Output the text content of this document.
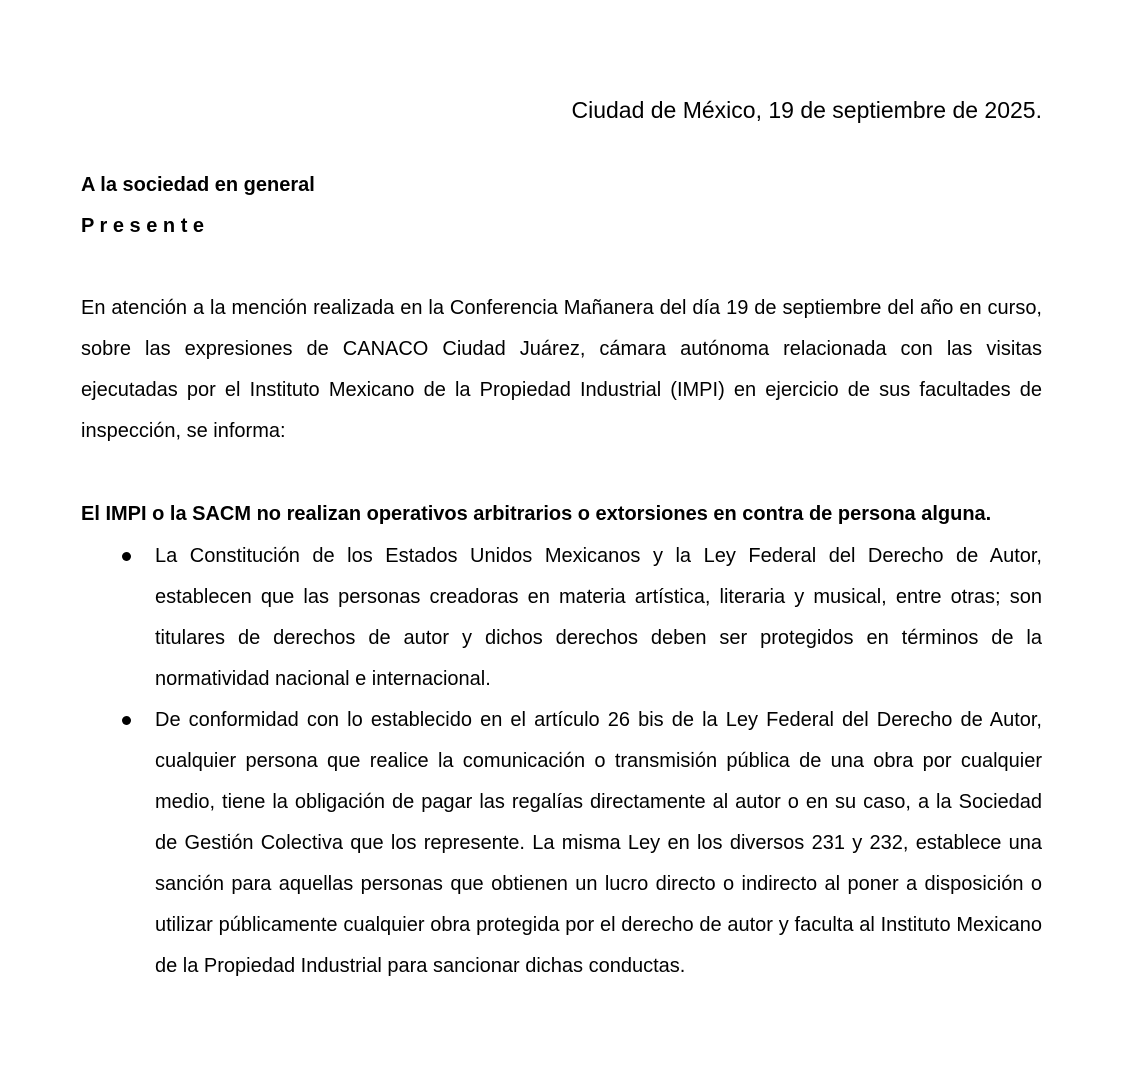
Ciudad de México, 19 de septiembre de 2025.
A la sociedad en general
P r e s e n t e

En atención a la mención realizada en la Conferencia Mañanera del día 19 de septiembre del año en curso, sobre las expresiones de CANACO Ciudad Juárez, cámara autónoma relacionada con las visitas ejecutadas por el Instituto Mexicano de la Propiedad Industrial (IMPI) en ejercicio de sus facultades de inspección, se informa:

El IMPI o la SACM no realizan operativos arbitrarios o extorsiones en contra de persona alguna.

La Constitución de los Estados Unidos Mexicanos y la Ley Federal del Derecho de Autor, establecen que las personas creadoras en materia artística, literaria y musical, entre otras; son titulares de derechos de autor y dichos derechos deben ser protegidos en términos de la normatividad nacional e internacional.
De conformidad con lo establecido en el artículo 26 bis de la Ley Federal del Derecho de Autor, cualquier persona que realice la comunicación o transmisión pública de una obra por cualquier medio, tiene la obligación de pagar las regalías directamente al autor o en su caso, a la Sociedad de Gestión Colectiva que los represente. La misma Ley en los diversos 231 y 232, establece una sanción para aquellas personas que obtienen un lucro directo o indirecto al poner a disposición o utilizar públicamente cualquier obra protegida por el derecho de autor y faculta al Instituto Mexicano de la Propiedad Industrial para sancionar dichas conductas.
